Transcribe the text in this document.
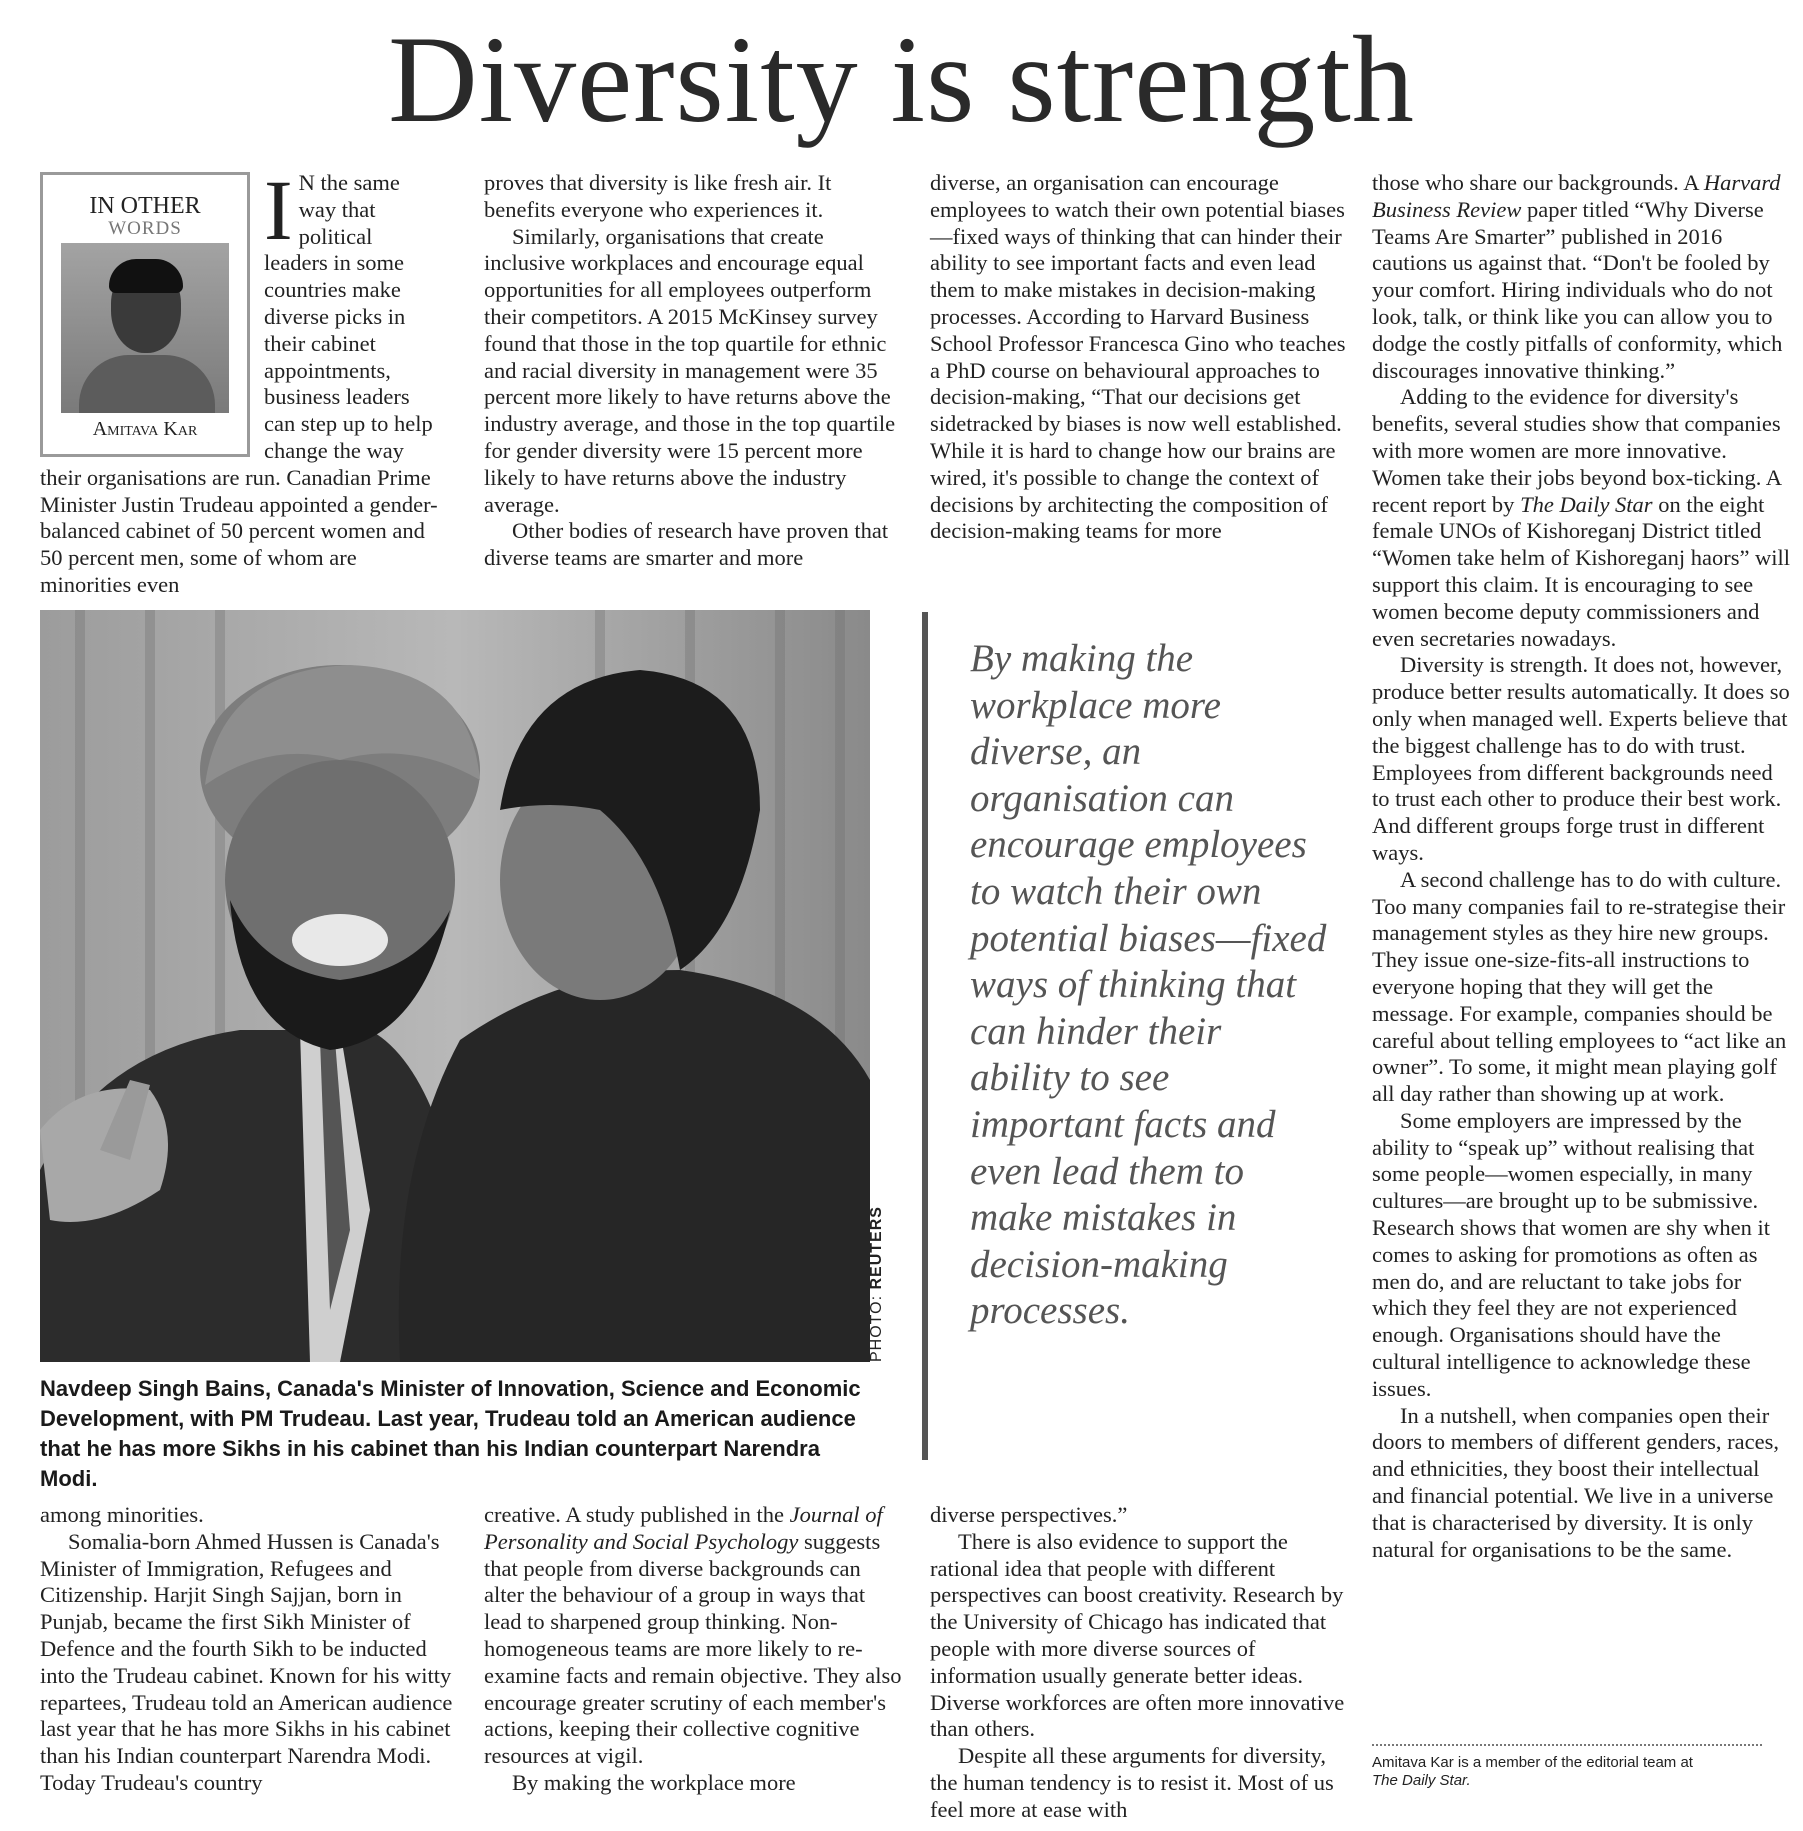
Diversity is strength
IN OTHER
WORDS
Amitava Kar
I N the same way that political leaders in some countries make diverse picks in their cabinet appointments, business leaders can step up to help change the way their organisations are run. Canadian Prime Minister Justin Trudeau appointed a gender-balanced cabinet of 50 percent women and 50 percent men, some of whom are minorities even

proves that diversity is like fresh air. It benefits everyone who experiences it.

Similarly, organisations that create inclusive workplaces and encourage equal opportunities for all employees outperform their competitors. A 2015 McKinsey survey found that those in the top quartile for ethnic and racial diversity in management were 35 percent more likely to have returns above the industry average, and those in the top quartile for gender diversity were 15 percent more likely to have returns above the industry average.

Other bodies of research have proven that diverse teams are smarter and more

diverse, an organisation can encourage employees to watch their own potential biases—fixed ways of thinking that can hinder their ability to see important facts and even lead them to make mistakes in decision-making processes. According to Harvard Business School Professor Francesca Gino who teaches a PhD course on behavioural approaches to decision-making, “That our decisions get sidetracked by biases is now well established. While it is hard to change how our brains are wired, it's possible to change the context of decisions by architecting the composition of decision-making teams for more

those who share our backgrounds. A Harvard Business Review paper titled “Why Diverse Teams Are Smarter” published in 2016 cautions us against that. “Don't be fooled by your comfort. Hiring individuals who do not look, talk, or think like you can allow you to dodge the costly pitfalls of conformity, which discourages innovative thinking.”

Adding to the evidence for diversity's benefits, several studies show that companies with more women are more innovative. Women take their jobs beyond box-ticking. A recent report by The Daily Star on the eight female UNOs of Kishoreganj District titled “Women take helm of Kishoreganj haors” will support this claim. It is encouraging to see women become deputy commissioners and even secretaries nowadays.

Diversity is strength. It does not, however, produce better results automatically. It does so only when managed well. Experts believe that the biggest challenge has to do with trust. Employees from different backgrounds need to trust each other to produce their best work. And different groups forge trust in different ways.

A second challenge has to do with culture. Too many companies fail to re-strategise their management styles as they hire new groups. They issue one-size-fits-all instructions to everyone hoping that they will get the message. For example, companies should be careful about telling employees to “act like an owner”. To some, it might mean playing golf all day rather than showing up at work.

Some employers are impressed by the ability to “speak up” without realising that some people—women especially, in many cultures—are brought up to be submissive. Research shows that women are shy when it comes to asking for promotions as often as men do, and are reluctant to take jobs for which they feel they are not experienced enough. Organisations should have the cultural intelligence to acknowledge these issues.

In a nutshell, when companies open their doors to members of different genders, races, and ethnicities, they boost their intellectual and financial potential. We live in a universe that is characterised by diversity. It is only natural for organisations to be the same.

PHOTO: REUTERS
Navdeep Singh Bains, Canada's Minister of Innovation, Science and Economic Development, with PM Trudeau. Last year, Trudeau told an American audience that he has more Sikhs in his cabinet than his Indian counterpart Narendra Modi.
By making the workplace more diverse, an organisation can encourage employees to watch their own potential biases—fixed ways of thinking that can hinder their ability to see important facts and even lead them to make mistakes in decision-making processes.

among minorities.

Somalia-born Ahmed Hussen is Canada's Minister of Immigration, Refugees and Citizenship. Harjit Singh Sajjan, born in Punjab, became the first Sikh Minister of Defence and the fourth Sikh to be inducted into the Trudeau cabinet. Known for his witty repartees, Trudeau told an American audience last year that he has more Sikhs in his cabinet than his Indian counterpart Narendra Modi. Today Trudeau's country

creative. A study published in the Journal of Personality and Social Psychology suggests that people from diverse backgrounds can alter the behaviour of a group in ways that lead to sharpened group thinking. Non-homogeneous teams are more likely to re-examine facts and remain objective. They also encourage greater scrutiny of each member's actions, keeping their collective cognitive resources at vigil.

By making the workplace more

diverse perspectives.”

There is also evidence to support the rational idea that people with different perspectives can boost creativity. Research by the University of Chicago has indicated that people with more diverse sources of information usually generate better ideas. Diverse workforces are often more innovative than others.

Despite all these arguments for diversity, the human tendency is to resist it. Most of us feel more at ease with

Amitava Kar is a member of the editorial team at
The Daily Star.
